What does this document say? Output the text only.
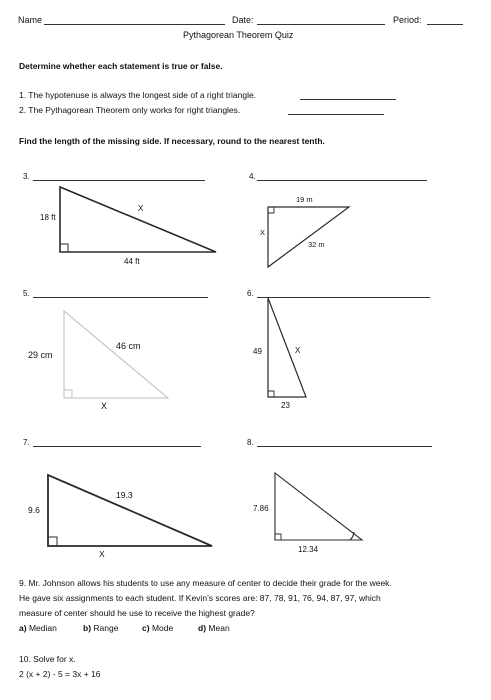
Name	Date:	Period:
Pythagorean Theorem Quiz
Determine whether each statement is true or false.
1. The hypotenuse is always the longest side of a right triangle.
2. The Pythagorean Theorem only works for right triangles.
Find the length of the missing side. If necessary, round to the nearest tenth.
3.
18 ft
X
44 ft
4.
19 m
X
32 m
5.
29 cm
46 cm
X
6.
49	X
23
7.
9.6
19.3
X
8.
7.86
12.34
9. Mr. Johnson allows his students to use any measure of center to decide their grade for the week.
He gave six assignments to each student. If Kevin’s scores are: 87, 78, 91, 76, 94, 87, 97, which
measure of center should he use to receive the highest grade?
a) Median	b) Range	c) Mode	d) Mean
10. Solve for x.
2 (x + 2) - 5 = 3x + 16
